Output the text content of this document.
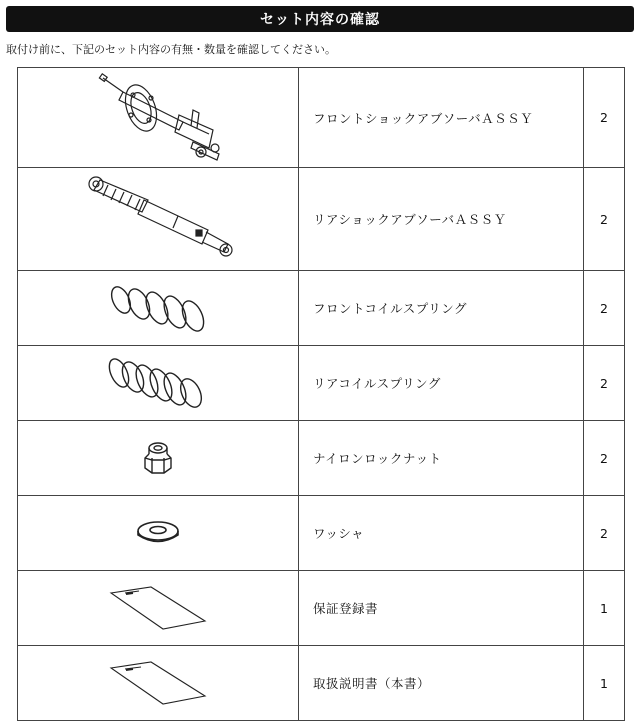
セット内容の確認
取付け前に、下記のセット内容の有無・数量を確認してください。
	フロントショックアブソーバＡＳＳＹ	2

	リアショックアブソーバＡＳＳＹ	2

	フロントコイルスプリング	2

	リアコイルスプリング	2

	ナイロンロックナット	2

	ワッシャ	2

	保証登録書	1

	取扱説明書（本書）	1
